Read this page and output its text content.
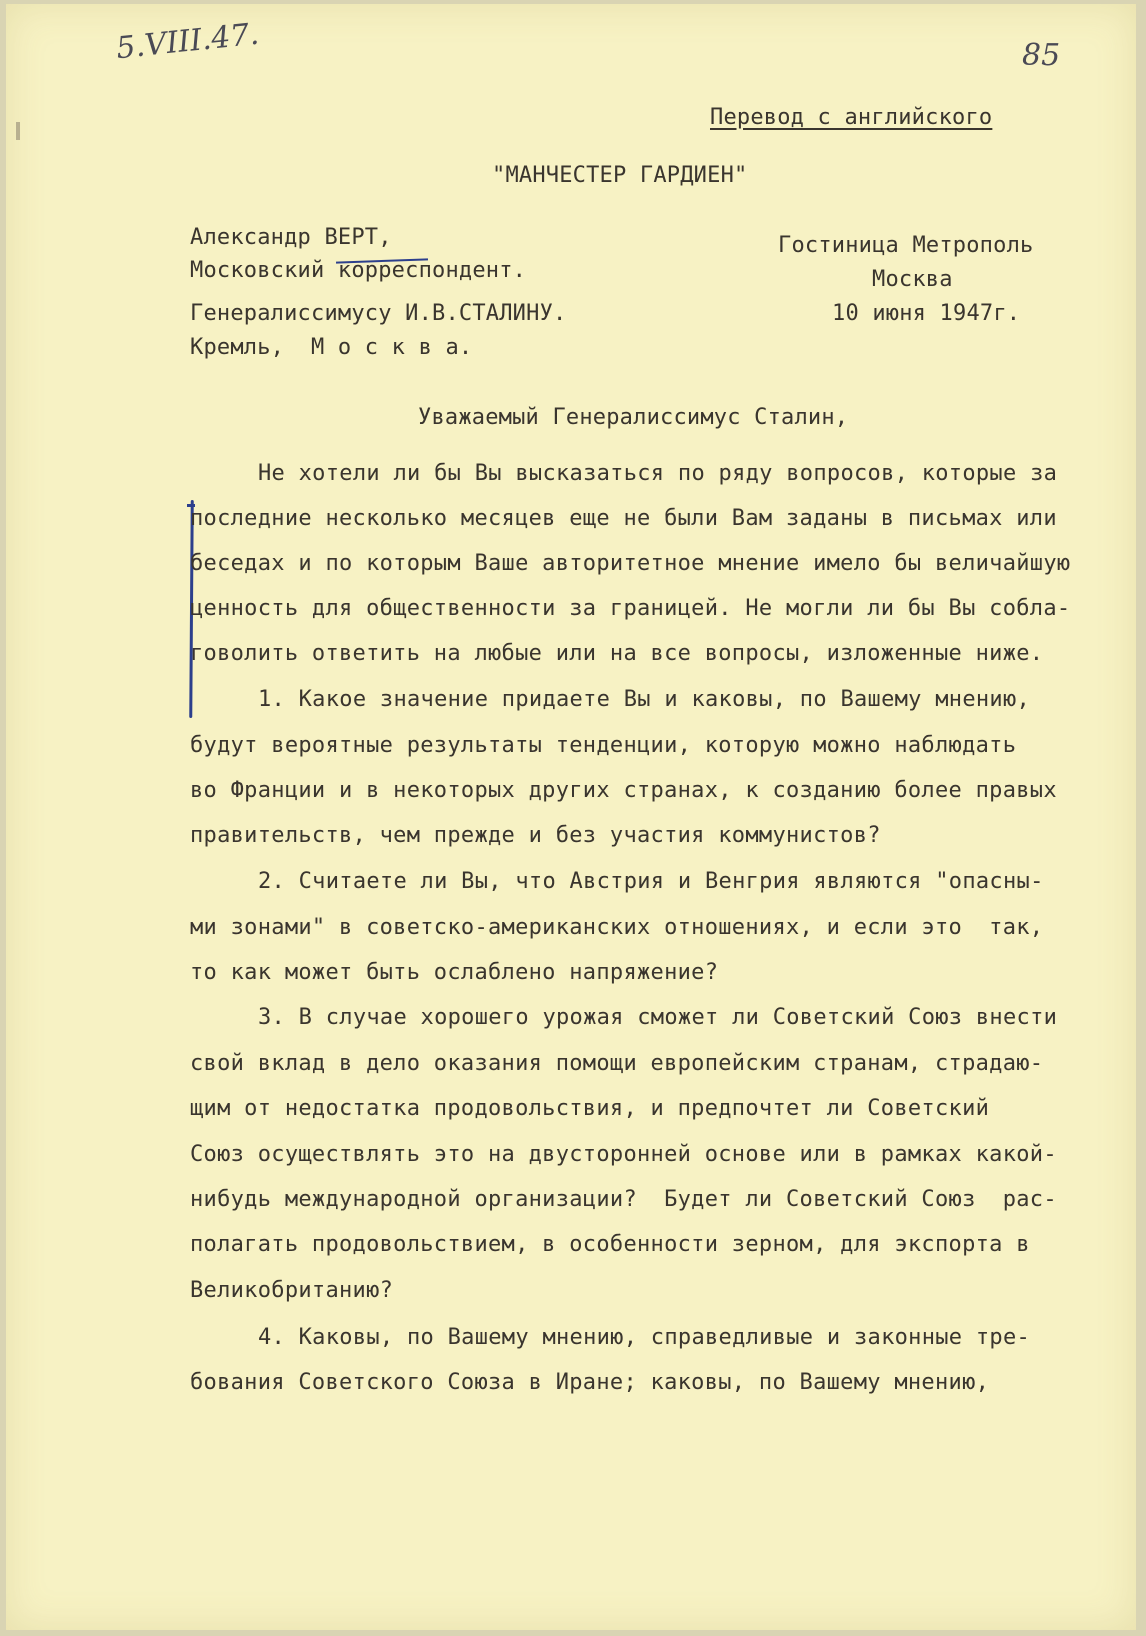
5.VIII.47.	85
Перевод с английского
"МАНЧЕСТЕР ГАРДИЕН"
Александр ВЕРТ,
Московский корреспондент.
Гостиница Метрополь
Москва
10 июня 1947г.
Генералиссимусу И.В.СТАЛИНУ.
Кремль,  М о с к в а.
Уважаемый Генералиссимус Сталин,
Не хотели ли бы Вы высказаться по ряду вопросов, которые за
последние несколько месяцев еще не были Вам заданы в письмах или
беседах и по которым Ваше авторитетное мнение имело бы величайшую
ценность для общественности за границей. Не могли ли бы Вы собла-
говолить ответить на любые или на все вопросы, изложенные ниже.
1. Какое значение придаете Вы и каковы, по Вашему мнению,
будут вероятные результаты тенденции, которую можно наблюдать
во Франции и в некоторых других странах, к созданию более правых
правительств, чем прежде и без участия коммунистов?
2. Считаете ли Вы, что Австрия и Венгрия являются "опасны-
ми зонами" в советско-американских отношениях, и если это  так,
то как может быть ослаблено напряжение?
3. В случае хорошего урожая сможет ли Советский Союз внести
свой вклад в дело оказания помощи европейским странам, страдаю-
щим от недостатка продовольствия, и предпочтет ли Советский
Союз осуществлять это на двусторонней основе или в рамках какой-
нибудь международной организации?  Будет ли Советский Союз  рас-
полагать продовольствием, в особенности зерном, для экспорта в
Великобританию?
4. Каковы, по Вашему мнению, справедливые и законные тре-
бования Советского Союза в Иране; каковы, по Вашему мнению,
